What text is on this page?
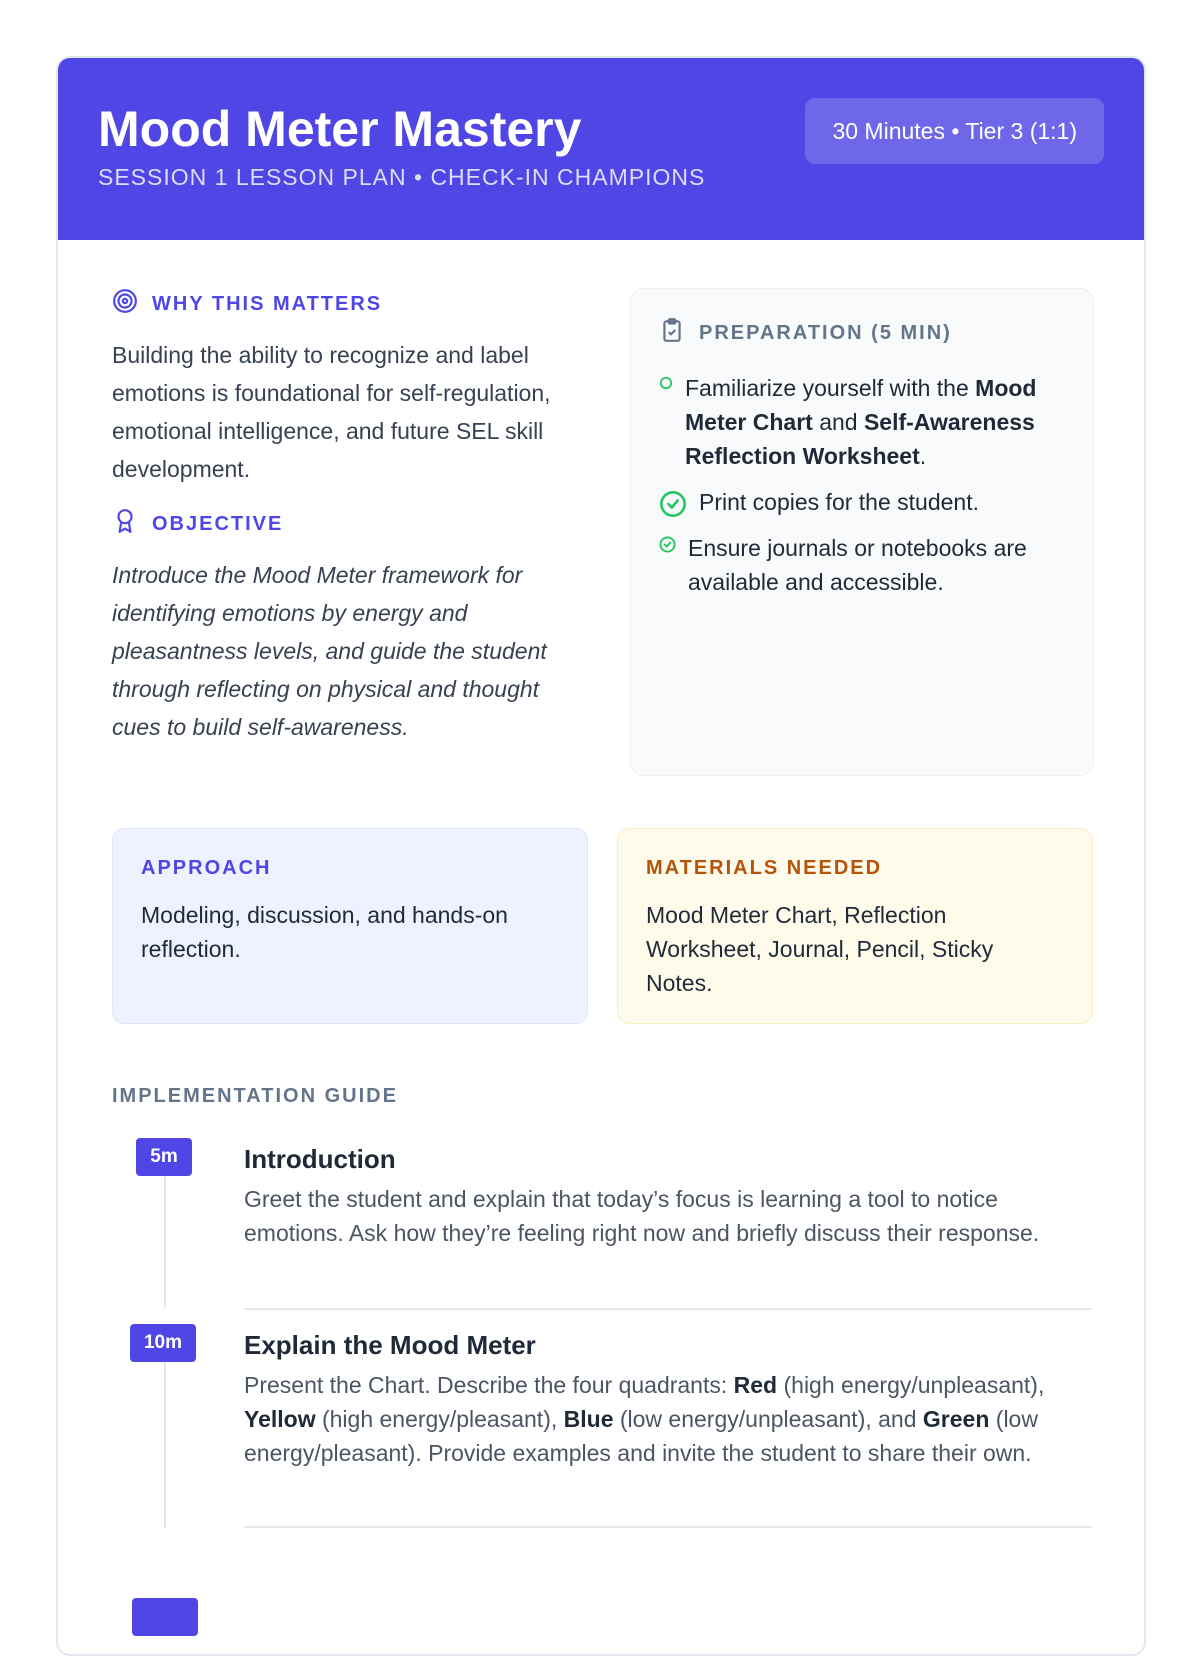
Mood Meter Mastery
SESSION 1 LESSON PLAN • CHECK-IN CHAMPIONS
30 Minutes • Tier 3 (1:1)
WHY THIS MATTERS

Building the ability to recognize and label emotions is foundational for self-regulation, emotional intelligence, and future SEL skill development.

OBJECTIVE

Introduce the Mood Meter framework for identifying emotions by energy and pleasantness levels, and guide the student through reflecting on physical and thought cues to build self-awareness.

PREPARATION (5 MIN)
Familiarize yourself with the Mood Meter Chart and Self-Awareness Reflection Worksheet.
Print copies for the student.
Ensure journals or notebooks are available and accessible.
APPROACH

Modeling, discussion, and hands-on reflection.

MATERIALS NEEDED

Mood Meter Chart, Reflection Worksheet, Journal, Pencil, Sticky Notes.

IMPLEMENTATION GUIDE
5m	Introduction
Greet the student and explain that today’s focus is learning a tool to notice emotions. Ask how they’re feeling right now and briefly discuss their response.
10m	Explain the Mood Meter
Present the Chart. Describe the four quadrants: Red (high energy/unpleasant), Yellow (high energy/pleasant), Blue (low energy/unpleasant), and Green (low energy/pleasant). Provide examples and invite the student to share their own.
